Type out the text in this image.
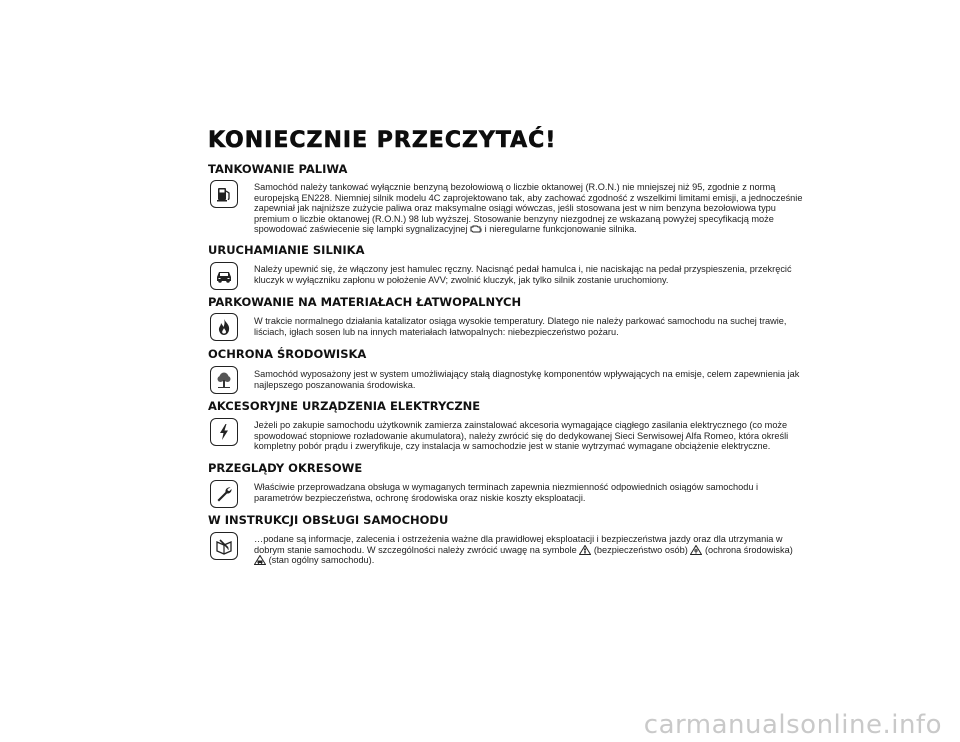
KONIECZNIE PRZECZYTAĆ!
TANKOWANIE PALIWA

Samochód należy tankować wyłącznie benzyną bezołowiową o liczbie oktanowej (R.O.N.) nie mniejszej niż 95, zgodnie z normą europejską EN228. Niemniej silnik modelu 4C zaprojektowano tak, aby zachować zgodność z wszelkimi limitami emisji, a jednocześnie zapewniał jak najniższe zużycie paliwa oraz maksymalne osiągi wówczas, jeśli stosowana jest w nim benzyna bezołowiowa typu premium o liczbie oktanowej (R.O.N.) 98 lub wyższej. Stosowanie benzyny niezgodnej ze wskazaną powyżej specyfikacją może spowodować zaświecenie się lampki sygnalizacyjnej i nieregularne funkcjonowanie silnika.

URUCHAMIANIE SILNIKA

Należy upewnić się, że włączony jest hamulec ręczny. Nacisnąć pedał hamulca i, nie naciskając na pedał przyspieszenia, przekręcić kluczyk w wyłączniku zapłonu w położenie AVV; zwolnić kluczyk, jak tylko silnik zostanie uruchomiony.

PARKOWANIE NA MATERIAŁACH ŁATWOPALNYCH

W trakcie normalnego działania katalizator osiąga wysokie temperatury. Dlatego nie należy parkować samochodu na suchej trawie, liściach, igłach sosen lub na innych materiałach łatwopalnych: niebezpieczeństwo pożaru.

OCHRONA ŚRODOWISKA

Samochód wyposażony jest w system umożliwiający stałą diagnostykę komponentów wpływających na emisje, celem zapewnienia jak najlepszego poszanowania środowiska.

AKCESORYJNE URZĄDZENIA ELEKTRYCZNE

Jeżeli po zakupie samochodu użytkownik zamierza zainstalować akcesoria wymagające ciągłego zasilania elektrycznego (co może spowodować stopniowe rozładowanie akumulatora), należy zwrócić się do dedykowanej Sieci Serwisowej Alfa Romeo, która określi kompletny pobór prądu i zweryfikuje, czy instalacja w samochodzie jest w stanie wytrzymać wymagane obciążenie elektryczne.

PRZEGLĄDY OKRESOWE

Właściwie przeprowadzana obsługa w wymaganych terminach zapewnia niezmienność odpowiednich osiągów samochodu i parametrów bezpieczeństwa, ochronę środowiska oraz niskie koszty eksploatacji.

W INSTRUKCJI OBSŁUGI SAMOCHODU

…podane są informacje, zalecenia i ostrzeżenia ważne dla prawidłowej eksploatacji i bezpieczeństwa jazdy oraz dla utrzymania w dobrym stanie samochodu. W szczególności należy zwrócić uwagę na symbole (bezpieczeństwo osób) (ochrona środowiska)  (stan ogólny samochodu).

carmanualsonline.info
